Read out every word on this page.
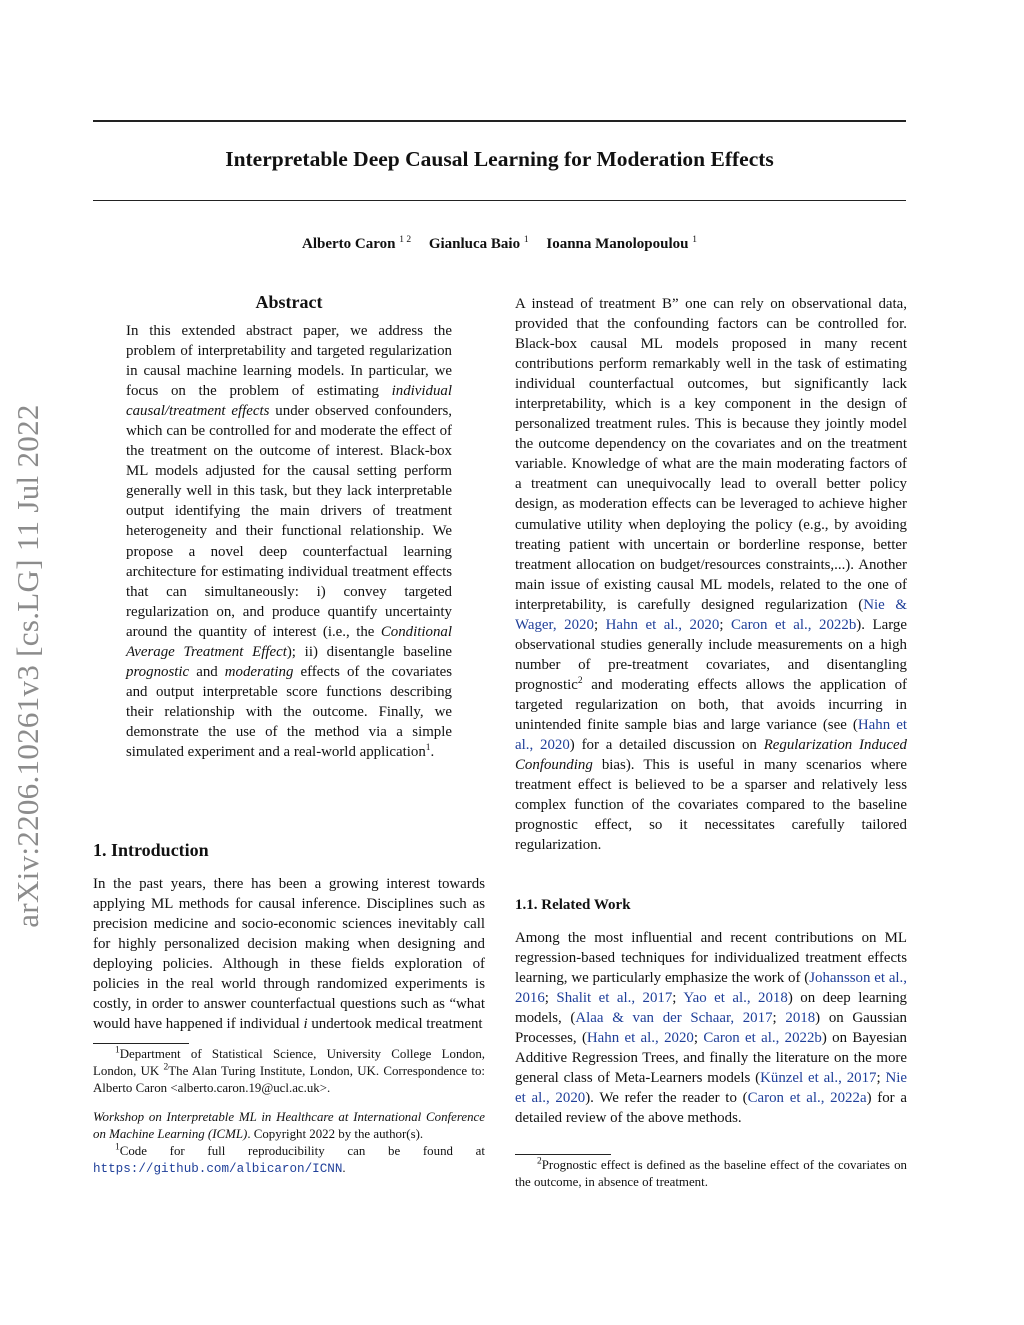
Interpretable Deep Causal Learning for Moderation Effects
Alberto Caron $^{1 2}$ Gianluca Baio $^1$ Ioanna Manolopoulou $^1$
arXiv:2206.10261v3 [cs.LG] 11 Jul 2022
Abstract

In this extended abstract paper, we address the problem of interpretability and targeted regularization in causal machine learning models. In particular, we focus on the problem of estimating individual causal/treatment effects under observed confounders, which can be controlled for and moderate the effect of the treatment on the outcome of interest. Black-box ML models adjusted for the causal setting perform generally well in this task, but they lack interpretable output identifying the main drivers of treatment heterogeneity and their functional relationship. We propose a novel deep counterfactual learning architecture for estimating individual treatment effects that can simultaneously: i) convey targeted regularization on, and produce quantify uncertainty around the quantity of interest (i.e., the Conditional Average Treatment Effect); ii) disentangle baseline prognostic and moderating effects of the covariates and output interpretable score functions describing their relationship with the outcome. Finally, we demonstrate the use of the method via a simple simulated experiment and a real-world application$^1$.

1. Introduction

In the past years, there has been a growing interest towards applying ML methods for causal inference. Disciplines such as precision medicine and socio-economic sciences inevitably call for highly personalized decision making when designing and deploying policies. Although in these fields exploration of policies in the real world through randomized experiments is costly, in order to answer counterfactual questions such as “what would have happened if individual i undertook medical treatment

$^1$Department of Statistical Science, University College London, London, UK $^2$The Alan Turing Institute, London, UK. Correspondence to: Alberto Caron <alberto.caron.19@ucl.ac.uk>.

Workshop on Interpretable ML in Healthcare at International Conference on Machine Learning (ICML). Copyright 2022 by the author(s).

$^1$Code for full reproducibility can be found at https://github.com/albicaron/ICNN.

A instead of treatment B” one can rely on observational data, provided that the confounding factors can be controlled for. Black-box causal ML models proposed in many recent contributions perform remarkably well in the task of estimating individual counterfactual outcomes, but significantly lack interpretability, which is a key component in the design of personalized treatment rules. This is because they jointly model the outcome dependency on the covariates and on the treatment variable. Knowledge of what are the main moderating factors of a treatment can unequivocally lead to overall better policy design, as moderation effects can be leveraged to achieve higher cumulative utility when deploying the policy (e.g., by avoiding treating patient with uncertain or borderline response, better treatment allocation on budget/resources constraints,...). Another main issue of existing causal ML models, related to the one of interpretability, is carefully designed regularization (Nie & Wager, 2020; Hahn et al., 2020; Caron et al., 2022b). Large observational studies generally include measurements on a high number of pre-treatment covariates, and disentangling prognostic$^2$ and moderating effects allows the application of targeted regularization on both, that avoids incurring in unintended finite sample bias and large variance (see (Hahn et al., 2020) for a detailed discussion on Regularization Induced Confounding bias). This is useful in many scenarios where treatment effect is believed to be a sparser and relatively less complex function of the covariates compared to the baseline prognostic effect, so it necessitates carefully tailored regularization.

1.1. Related Work

Among the most influential and recent contributions on ML regression-based techniques for individualized treatment effects learning, we particularly emphasize the work of (Johansson et al., 2016; Shalit et al., 2017; Yao et al., 2018) on deep learning models, (Alaa & van der Schaar, 2017; 2018) on Gaussian Processes, (Hahn et al., 2020; Caron et al., 2022b) on Bayesian Additive Regression Trees, and finally the literature on the more general class of Meta-Learners models (Künzel et al., 2017; Nie et al., 2020). We refer the reader to (Caron et al., 2022a) for a detailed review of the above methods.

$^2$Prognostic effect is defined as the baseline effect of the covariates on the outcome, in absence of treatment.
